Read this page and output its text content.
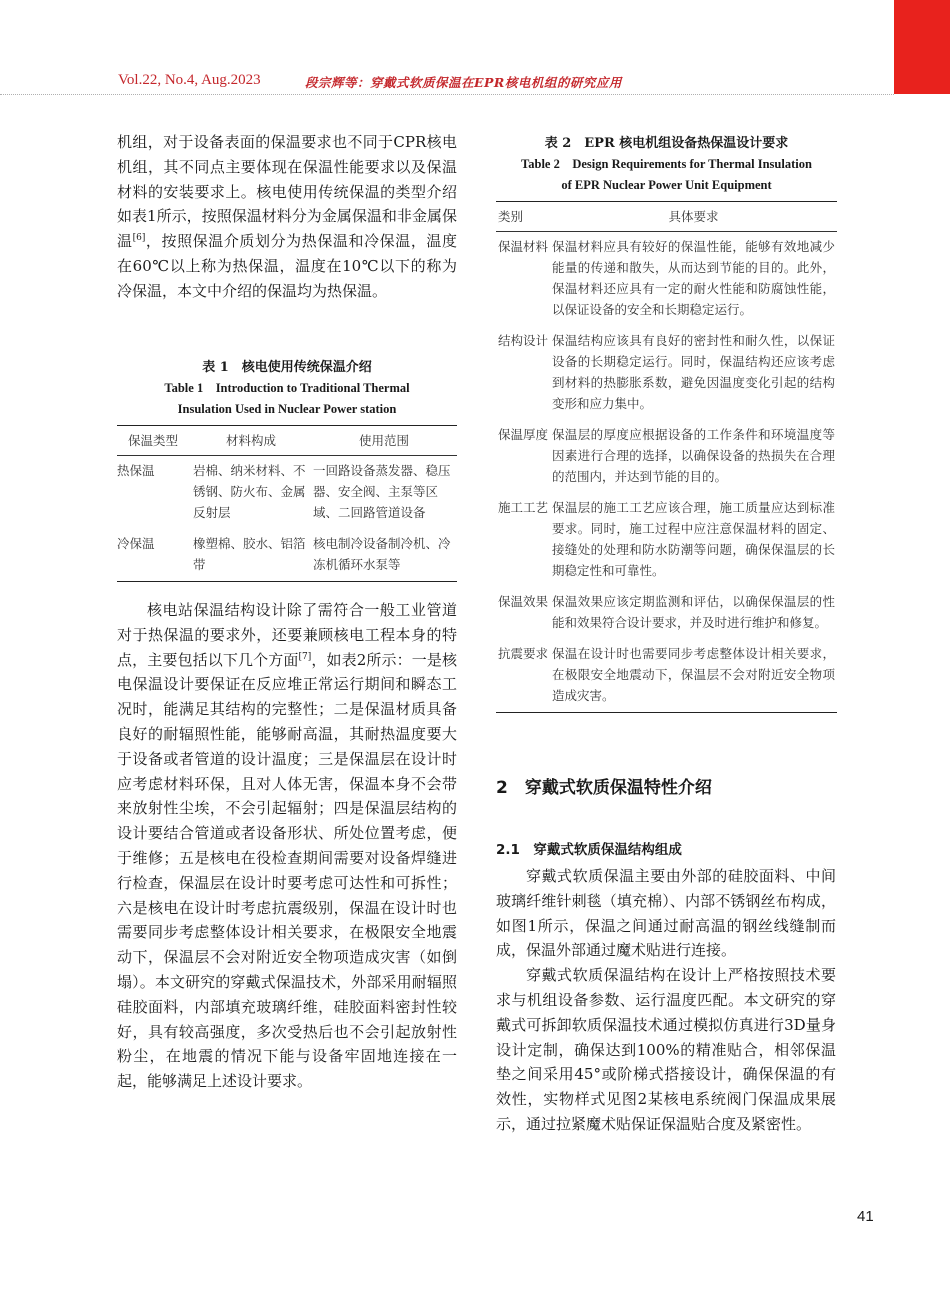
Vol.22, No.4, Aug.2023	段宗辉等：穿戴式软质保温在EPR核电机组的研究应用

机组，对于设备表面的保温要求也不同于CPR核电机组，其不同点主要体现在保温性能要求以及保温材料的安装要求上。核电使用传统保温的类型介绍如表1所示，按照保温材料分为金属保温和非金属保温[6]，按照保温介质划分为热保温和冷保温，温度在60℃以上称为热保温，温度在10℃以下的称为冷保温，本文中介绍的保温均为热保温。

表 1　核电使用传统保温介绍
Table 1　Introduction to Traditional Thermal
Insulation Used in Nuclear Power station
保温类型	材料构成	使用范围
热保温	岩棉、纳米材料、不锈钢、防火布、金属反射层	一回路设备蒸发器、稳压器、安全阀、主泵等区域、二回路管道设备
冷保温	橡塑棉、胶水、铝箔带	核电制冷设备制冷机、冷冻机循环水泵等

核电站保温结构设计除了需符合一般工业管道对于热保温的要求外，还要兼顾核电工程本身的特点，主要包括以下几个方面[7]，如表2所示：一是核电保温设计要保证在反应堆正常运行期间和瞬态工况时，能满足其结构的完整性；二是保温材质具备良好的耐辐照性能，能够耐高温，其耐热温度要大于设备或者管道的设计温度；三是保温层在设计时应考虑材料环保，且对人体无害，保温本身不会带来放射性尘埃，不会引起辐射；四是保温层结构的设计要结合管道或者设备形状、所处位置考虑，便于维修；五是核电在役检查期间需要对设备焊缝进行检查，保温层在设计时要考虑可达性和可拆性；六是核电在设计时考虑抗震级别，保温在设计时也需要同步考虑整体设计相关要求，在极限安全地震动下，保温层不会对附近安全物项造成灾害（如倒塌）。本文研究的穿戴式保温技术，外部采用耐辐照硅胶面料，内部填充玻璃纤维，硅胶面料密封性较好，具有较高强度，多次受热后也不会引起放射性粉尘，在地震的情况下能与设备牢固地连接在一起，能够满足上述设计要求。

表 2　EPR 核电机组设备热保温设计要求
Table 2　Design Requirements for Thermal Insulation
of EPR Nuclear Power Unit Equipment
类别	具体要求
保温材料	保温材料应具有较好的保温性能，能够有效地减少能量的传递和散失，从而达到节能的目的。此外，保温材料还应具有一定的耐火性能和防腐蚀性能，以保证设备的安全和长期稳定运行。
结构设计	保温结构应该具有良好的密封性和耐久性，以保证设备的长期稳定运行。同时，保温结构还应该考虑到材料的热膨胀系数，避免因温度变化引起的结构变形和应力集中。
保温厚度	保温层的厚度应根据设备的工作条件和环境温度等因素进行合理的选择，以确保设备的热损失在合理的范围内，并达到节能的目的。
施工工艺	保温层的施工工艺应该合理，施工质量应达到标准要求。同时，施工过程中应注意保温材料的固定、接缝处的处理和防水防潮等问题，确保保温层的长期稳定性和可靠性。
保温效果	保温效果应该定期监测和评估，以确保保温层的性能和效果符合设计要求，并及时进行维护和修复。
抗震要求	保温在设计时也需要同步考虑整体设计相关要求，在极限安全地震动下，保温层不会对附近安全物项造成灾害。
2　穿戴式软质保温特性介绍
2.1　穿戴式软质保温结构组成

穿戴式软质保温主要由外部的硅胶面料、中间玻璃纤维针刺毯（填充棉）、内部不锈钢丝布构成，如图1所示，保温之间通过耐高温的钢丝线缝制而成，保温外部通过魔术贴进行连接。

穿戴式软质保温结构在设计上严格按照技术要求与机组设备参数、运行温度匹配。本文研究的穿戴式可拆卸软质保温技术通过模拟仿真进行3D量身设计定制，确保达到100%的精准贴合，相邻保温垫之间采用45°或阶梯式搭接设计，确保保温的有效性，实物样式见图2某核电系统阀门保温成果展示，通过拉紧魔术贴保证保温贴合度及紧密性。

41
